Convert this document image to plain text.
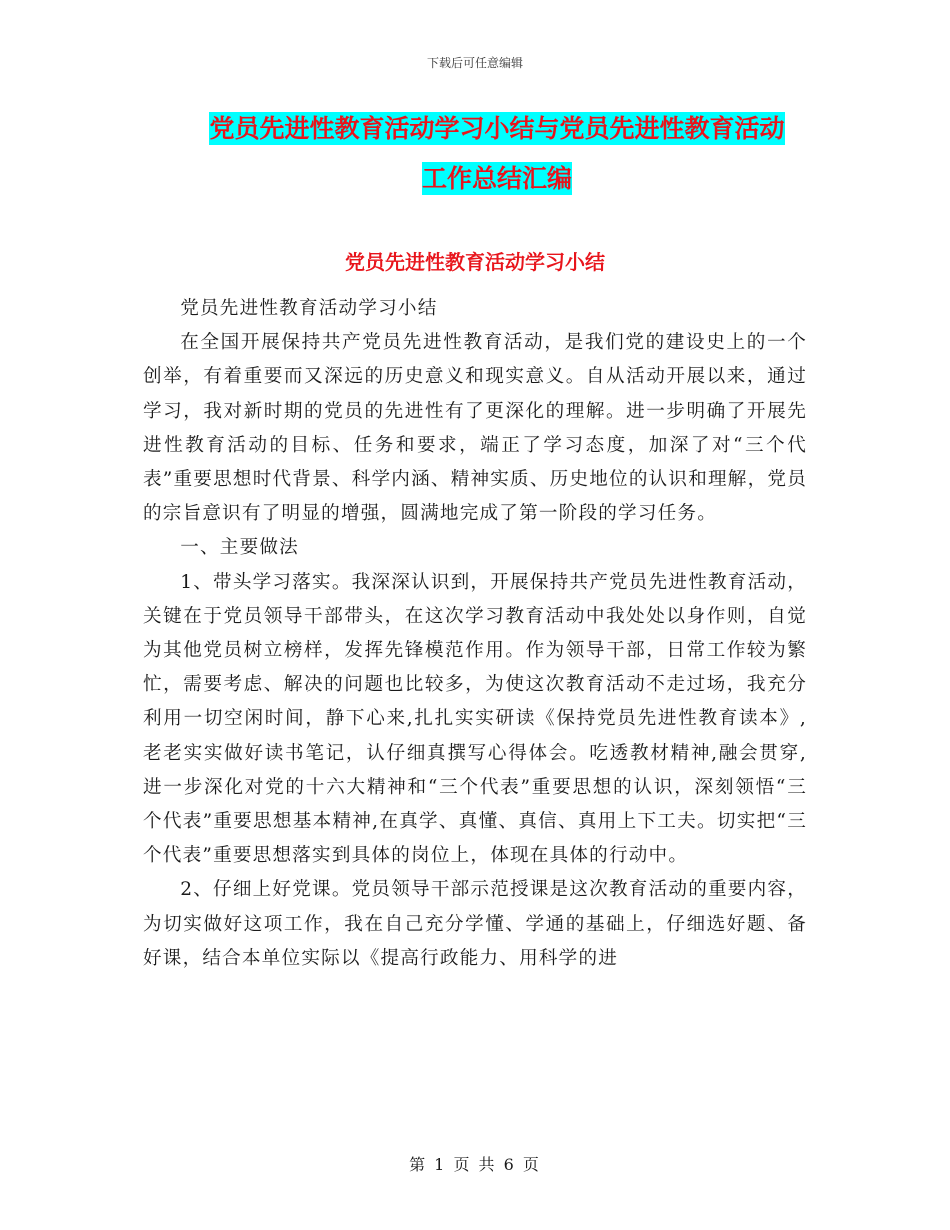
下载后可任意编辑
党员先进性教育活动学习小结与党员先进性教育活动
工作总结汇编
党员先进性教育活动学习小结

党员先进性教育活动学习小结

在全国开展保持共产党员先进性教育活动，是我们党的建设史上的一个创举，有着重要而又深远的历史意义和现实意义。自从活动开展以来，通过学习，我对新时期的党员的先进性有了更深化的理解。进一步明确了开展先进性教育活动的目标、任务和要求，端正了学习态度，加深了对“三个代表”重要思想时代背景、科学内涵、精神实质、历史地位的认识和理解，党员的宗旨意识有了明显的增强，圆满地完成了第一阶段的学习任务。

一、主要做法

1、带头学习落实。我深深认识到，开展保持共产党员先进性教育活动，关键在于党员领导干部带头，在这次学习教育活动中我处处以身作则，自觉为其他党员树立榜样，发挥先锋模范作用。作为领导干部，日常工作较为繁忙，需要考虑、解决的问题也比较多，为使这次教育活动不走过场，我充分利用一切空闲时间，静下心来,扎扎实实研读《保持党员先进性教育读本》,老老实实做好读书笔记，认仔细真撰写心得体会。吃透教材精神,融会贯穿,进一步深化对党的十六大精神和“三个代表”重要思想的认识，深刻领悟“三个代表”重要思想基本精神,在真学、真懂、真信、真用上下工夫。切实把“三个代表”重要思想落实到具体的岗位上，体现在具体的行动中。

2、仔细上好党课。党员领导干部示范授课是这次教育活动的重要内容，为切实做好这项工作，我在自己充分学懂、学通的基础上，仔细选好题、备好课，结合本单位实际以《提高行政能力、用科学的进

第 1 页 共 6 页
